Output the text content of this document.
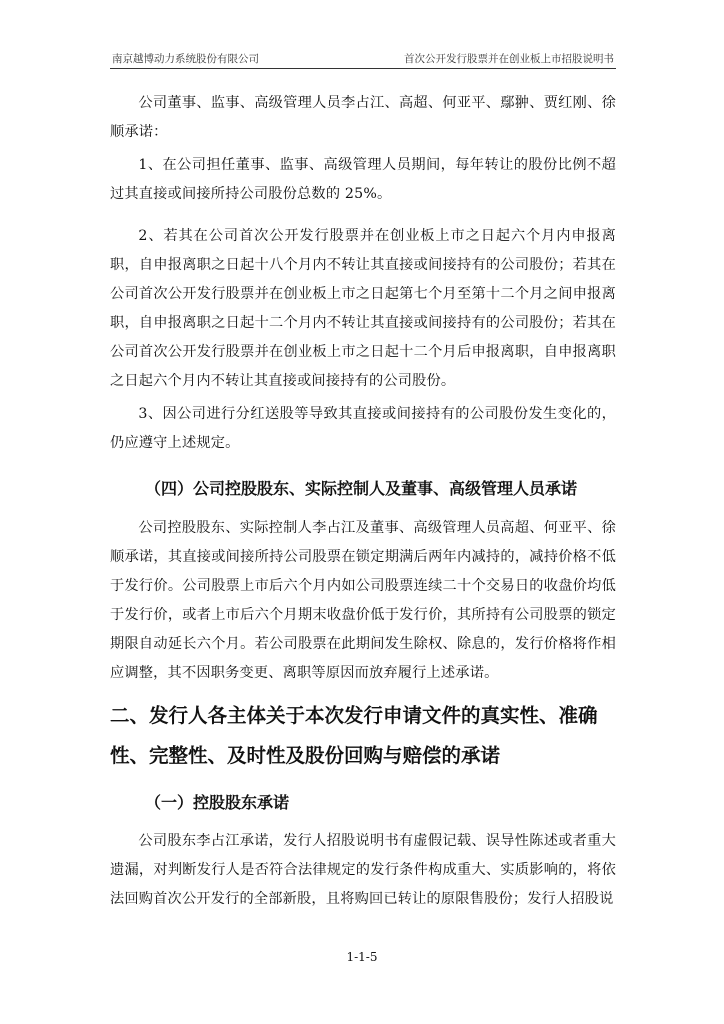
南京越博动力系统股份有限公司	首次公开发行股票并在创业板上市招股说明书

公司董事、监事、高级管理人员李占江、高超、何亚平、鄢翀、贾红刚、徐顺承诺：

1、在公司担任董事、监事、高级管理人员期间，每年转让的股份比例不超过其直接或间接所持公司股份总数的 25%。

2、若其在公司首次公开发行股票并在创业板上市之日起六个月内申报离职，自申报离职之日起十八个月内不转让其直接或间接持有的公司股份；若其在公司首次公开发行股票并在创业板上市之日起第七个月至第十二个月之间申报离职，自申报离职之日起十二个月内不转让其直接或间接持有的公司股份；若其在公司首次公开发行股票并在创业板上市之日起十二个月后申报离职，自申报离职之日起六个月内不转让其直接或间接持有的公司股份。

3、因公司进行分红送股等导致其直接或间接持有的公司股份发生变化的，仍应遵守上述规定。

（四）公司控股股东、实际控制人及董事、高级管理人员承诺

公司控股股东、实际控制人李占江及董事、高级管理人员高超、何亚平、徐顺承诺，其直接或间接所持公司股票在锁定期满后两年内减持的，减持价格不低于发行价。公司股票上市后六个月内如公司股票连续二十个交易日的收盘价均低于发行价，或者上市后六个月期末收盘价低于发行价，其所持有公司股票的锁定期限自动延长六个月。若公司股票在此期间发生除权、除息的，发行价格将作相应调整，其不因职务变更、离职等原因而放弃履行上述承诺。

二、发行人各主体关于本次发行申请文件的真实性、准确性、完整性、及时性及股份回购与赔偿的承诺
（一）控股股东承诺

公司股东李占江承诺，发行人招股说明书有虚假记载、误导性陈述或者重大遗漏，对判断发行人是否符合法律规定的发行条件构成重大、实质影响的，将依法回购首次公开发行的全部新股，且将购回已转让的原限售股份；发行人招股说

1-1-5
